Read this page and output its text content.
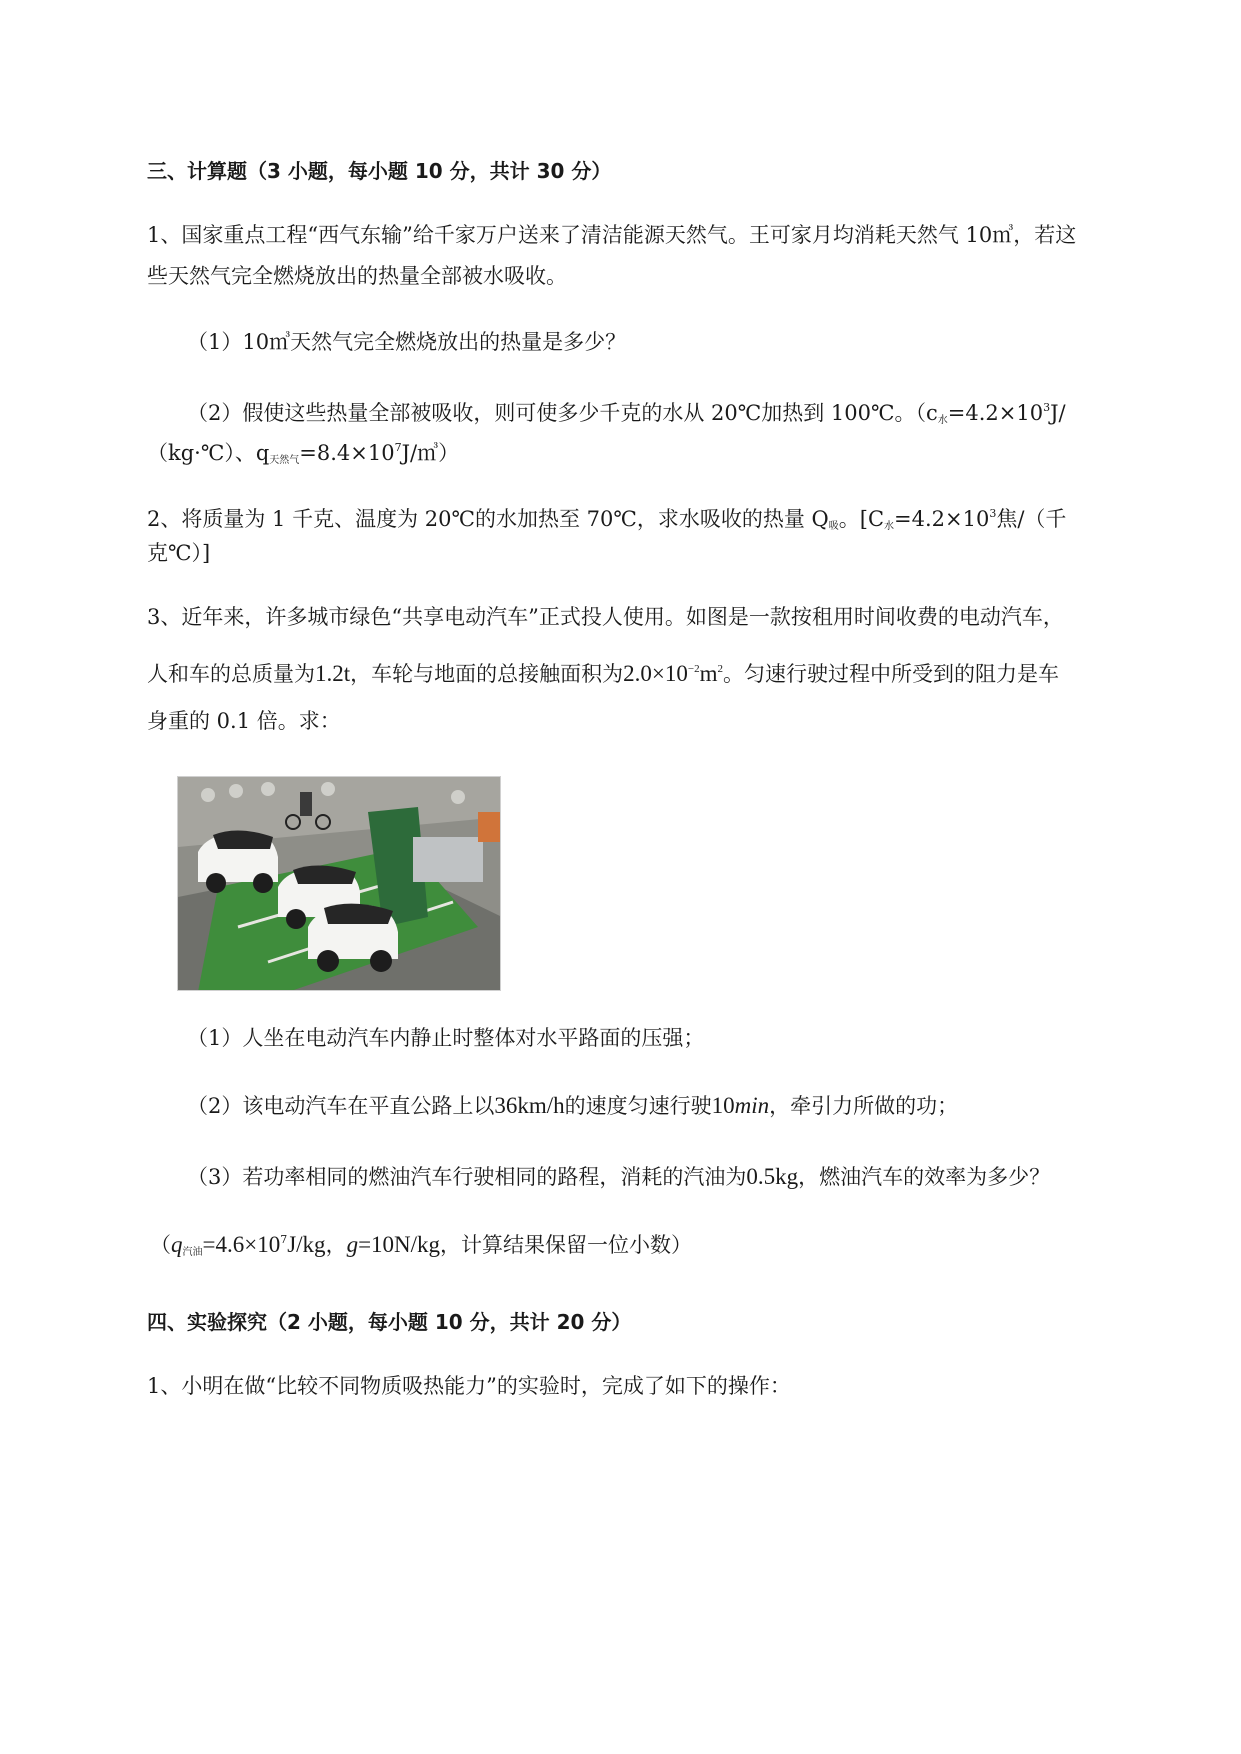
三、计算题（3 小题，每小题 10 分，共计 30 分）
1、国家重点工程“西气东输”给千家万户送来了清洁能源天然气。王可家月均消耗天然气 10㎥，若这
些天然气完全燃烧放出的热量全部被水吸收。
（1）10㎥天然气完全燃烧放出的热量是多少？
（2）假使这些热量全部被吸收，则可使多少千克的水从 20℃加热到 100℃。（$c_水=4.2\times 10^3J/$
（kg·℃）、$q_{天然气}=8.4\times 10^7J/㎥$）
2、将质量为 1 千克、温度为 20℃的水加热至 70℃，求水吸收的热量 $Q_吸$。[$C_水=4.2\times 10^3$焦/（千
克℃）]
3、近年来，许多城市绿色“共享电动汽车”正式投人使用。如图是一款按租用时间收费的电动汽车，
人和车的总质量为1.2t，车轮与地面的总接触面积为$2.0\times 10^{-2}m^2$。匀速行驶过程中所受到的阻力是车
身重的 0.1 倍。求：
（1）人坐在电动汽车内静止时整体对水平路面的压强；
（2）该电动汽车在平直公路上以36km/h的速度匀速行驶10min，牵引力所做的功；
（3）若功率相同的燃油汽车行驶相同的路程，消耗的汽油为0.5kg，燃油汽车的效率为多少？
（$q_{汽油}=4.6\times 10^7J/kg$，g=10N/kg，计算结果保留一位小数）
四、实验探究（2 小题，每小题 10 分，共计 20 分）
1、小明在做“比较不同物质吸热能力”的实验时，完成了如下的操作：
